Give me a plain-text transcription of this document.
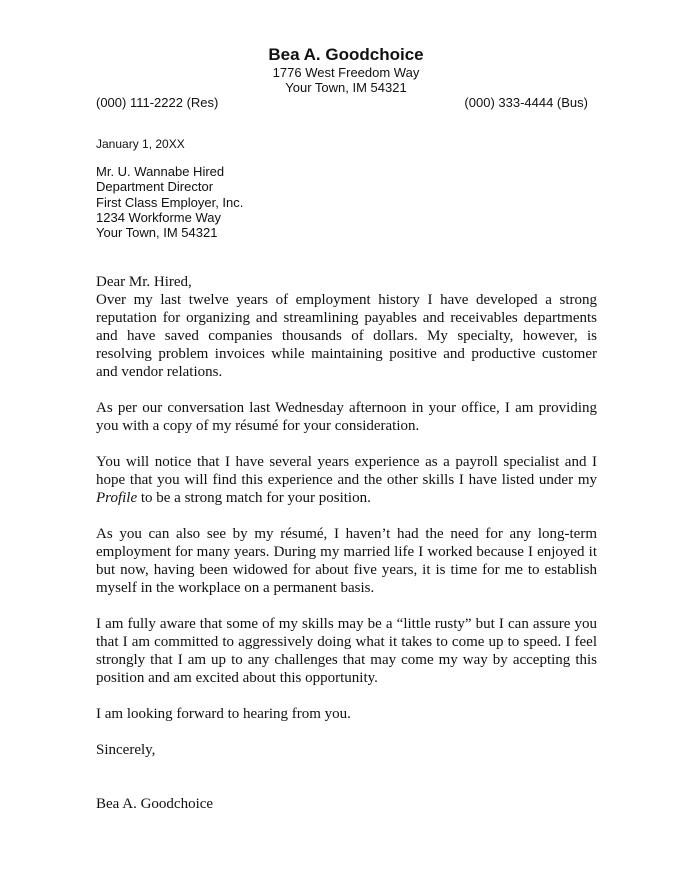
Bea A. Goodchoice
1776 West Freedom Way
Your Town, IM 54321
(000) 111-2222 (Res)	(000) 333-4444 (Bus)
January 1, 20XX
Mr. U. Wannabe Hired
Department Director
First Class Employer, Inc.
1234 Workforme Way
Your Town, IM 54321

Dear Mr. Hired,

Over my last twelve years of employment history I have developed a strong reputation for organizing and streamlining payables and receivables departments and have saved companies thousands of dollars. My specialty, however, is resolving problem invoices while maintaining positive and productive customer and vendor relations.

As per our conversation last Wednesday afternoon in your office, I am providing you with a copy of my résumé for your consideration.

You will notice that I have several years experience as a payroll specialist and I hope that you will find this experience and the other skills I have listed under my Profile to be a strong match for your position.

As you can also see by my résumé, I haven’t had the need for any long-term employment for many years. During my married life I worked because I enjoyed it but now, having been widowed for about five years, it is time for me to establish myself in the workplace on a permanent basis.

I am fully aware that some of my skills may be a “little rusty” but I can assure you that I am committed to aggressively doing what it takes to come up to speed. I feel strongly that I am up to any challenges that may come my way by accepting this position and am excited about this opportunity.

I am looking forward to hearing from you.

Sincerely,

Bea A. Goodchoice
